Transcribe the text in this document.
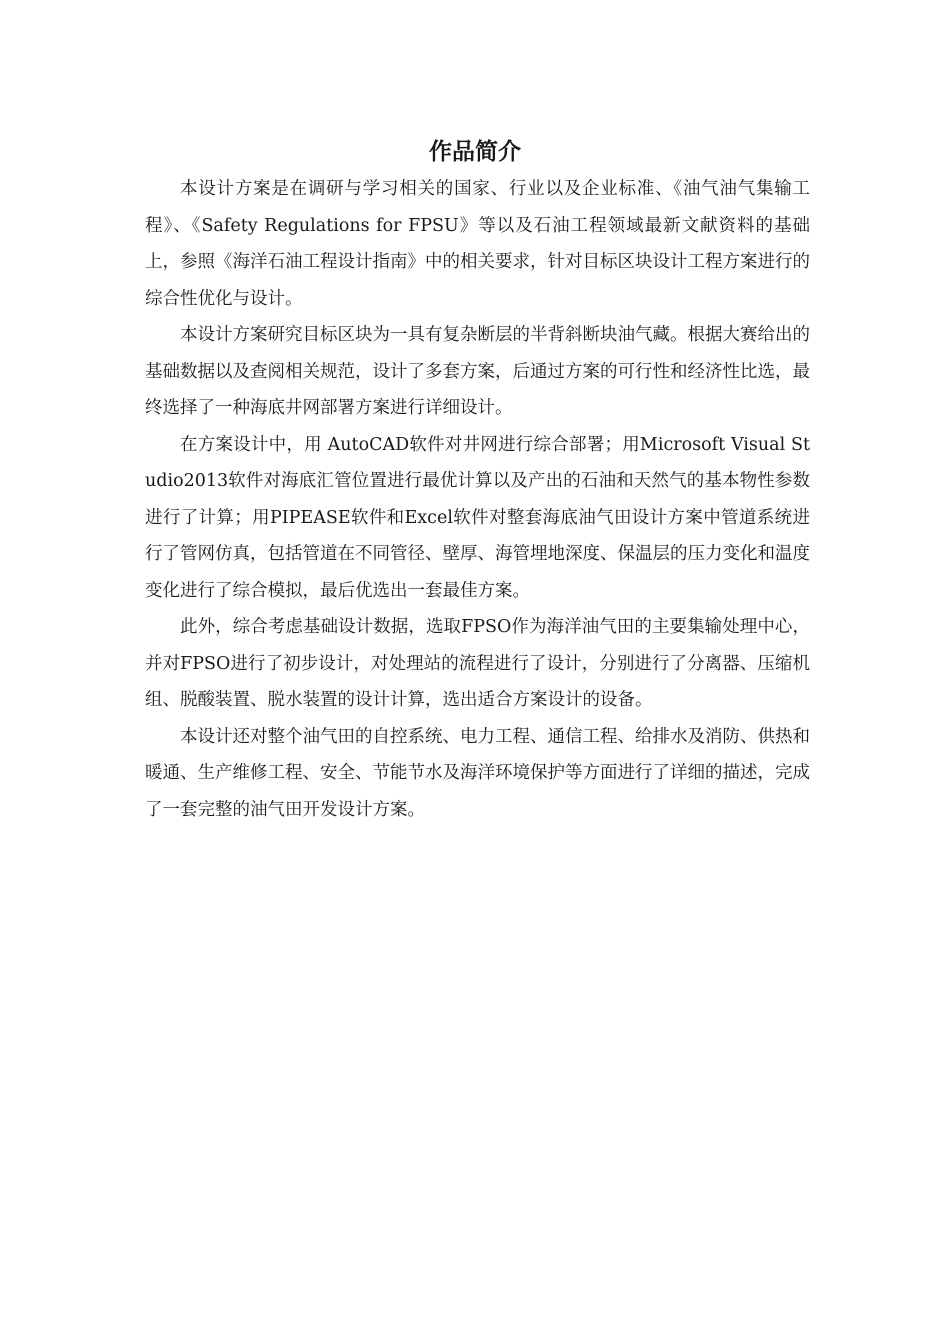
作品简介

本设计方案是在调研与学习相关的国家、行业以及企业标准、《油气油气集输工程》、《Safety Regulations for FPSU》等以及石油工程领域最新文献资料的基础上，参照《海洋石油工程设计指南》中的相关要求，针对目标区块设计工程方案进行的综合性优化与设计。

本设计方案研究目标区块为一具有复杂断层的半背斜断块油气藏。根据大赛给出的基础数据以及查阅相关规范，设计了多套方案，后通过方案的可行性和经济性比选，最终选择了一种海底井网部署方案进行详细设计。

在方案设计中，用 AutoCAD软件对井网进行综合部署；用Microsoft Visual Studio2013软件对海底汇管位置进行最优计算以及产出的石油和天然气的基本物性参数进行了计算；用PIPEASE软件和Excel软件对整套海底油气田设计方案中管道系统进行了管网仿真，包括管道在不同管径、壁厚、海管埋地深度、保温层的压力变化和温度变化进行了综合模拟，最后优选出一套最佳方案。

此外，综合考虑基础设计数据，选取FPSO作为海洋油气田的主要集输处理中心，并对FPSO进行了初步设计，对处理站的流程进行了设计，分别进行了分离器、压缩机组、脱酸装置、脱水装置的设计计算，选出适合方案设计的设备。

本设计还对整个油气田的自控系统、电力工程、通信工程、给排水及消防、供热和暖通、生产维修工程、安全、节能节水及海洋环境保护等方面进行了详细的描述，完成了一套完整的油气田开发设计方案。
